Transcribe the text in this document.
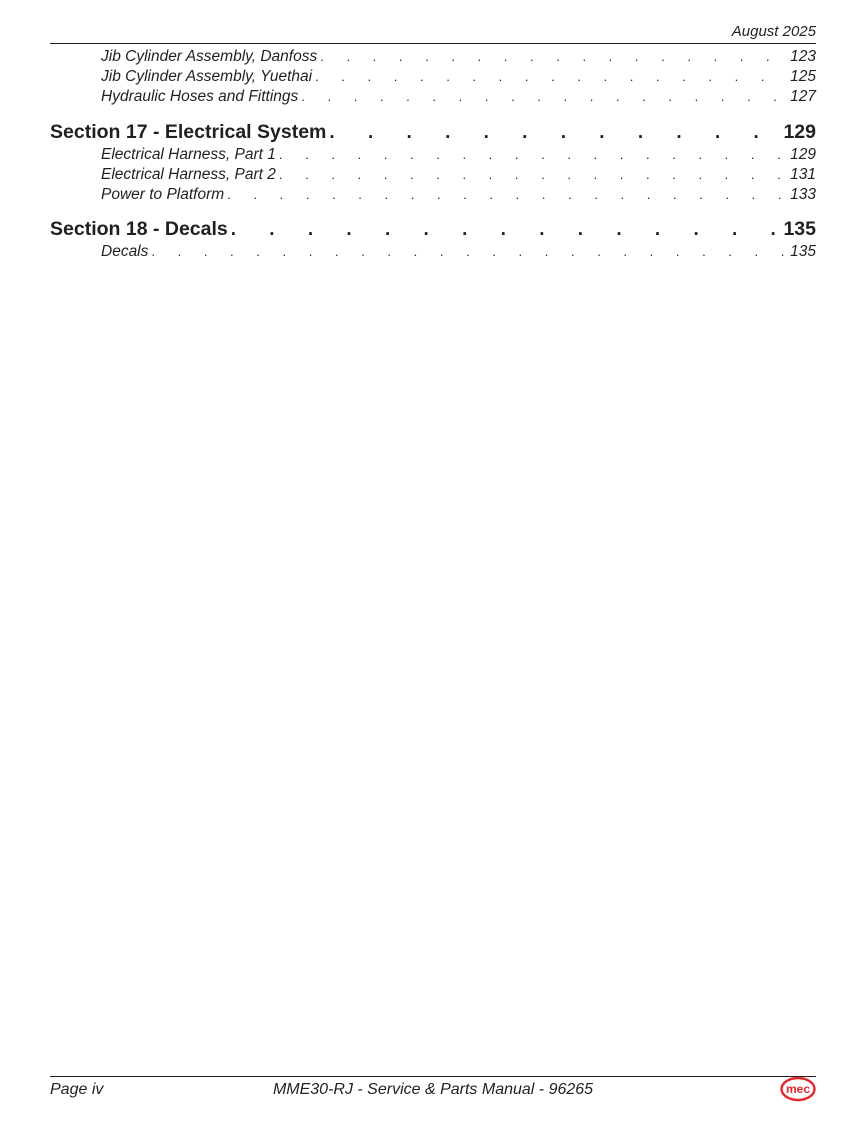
August 2025
Jib Cylinder Assembly, Danfoss . . .	123
Jib Cylinder Assembly, Yuethai . . .	125
Hydraulic Hoses and Fittings . . .	127
Section 17 - Electrical System . . .	129
Electrical Harness, Part 1 . . .	129
Electrical Harness, Part 2 . . .	131
Power to Platform . . .	133
Section 18 - Decals . . .	135
Decals . . .	135
Page iv	MME30-RJ - Service & Parts Manual - 96265	mec
